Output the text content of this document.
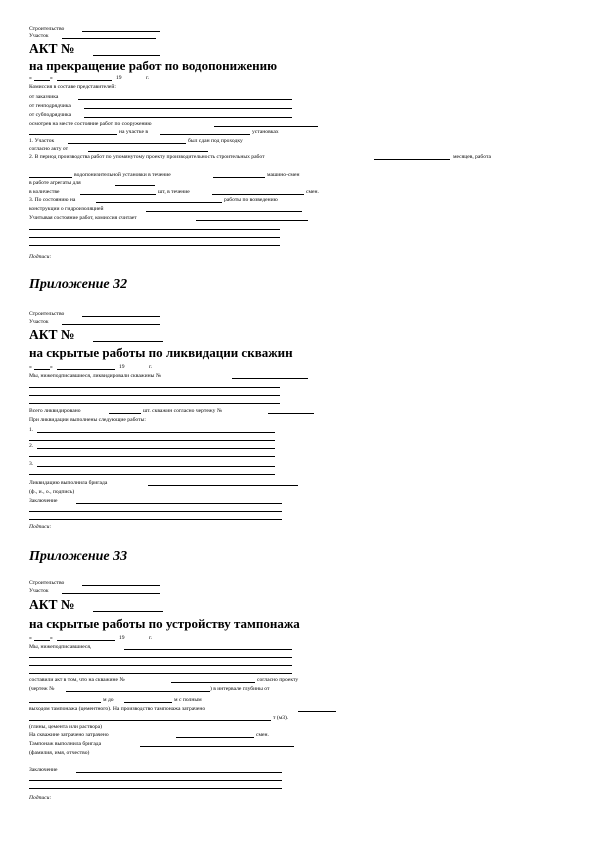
Строительство
Участок
АКТ №
на прекращение работ по водопонижению
«	»	19	г.
Комиссия в составе представителей:
от заказчика
от генподрядчика
от субподрядчика
осмотрев на месте состояние работ по сооружению
на участке в	установках
1. Участок	был сдан под проходку
согласно акту от
2. В период производства работ по упомянутому проекту производительность строительных работ	месяцев, работа
водопонизительной установки в течение	машино-смен
в работе агрегаты для
в количестве	шт, в течение	смен.
3. По состоянию на	работы по возведению
конструкции о гидроизоляцией
Учитывая состояние работ, комиссия считает
Подписи:
Приложение 32
Строительство
Участок
АКТ №
на скрытые работы по ликвидации скважин
«	»	19	г.
Мы, нижеподписавшиеся, ликвидировали скважины №
Всего ликвидировано	шт. скважин согласно чертежу №
При ликвидации выполнены следующие работы:
1.
2.
3.
Ликвидацию выполнила бригада
(ф., и., о., подпись)
Заключение
Подписи:
Приложение 33
Строительство
Участок
АКТ №
на скрытые работы по устройству тампонажа
«	»	19	г.
Мы, нижеподписавшиеся,
составили акт в том, что на скважине №	согласно проекту
(чертеж №	) в интервале глубины от
м до	м с полным
выходом тампонажа (цементного). На производство тампонажа затрачено
т (м3).
(глины, цемента или раствора)
На скважине затрачено затрачено	смен.
Тампонаж выполнила бригада
(фамилия, имя, отчество)
Заключение
Подписи:
